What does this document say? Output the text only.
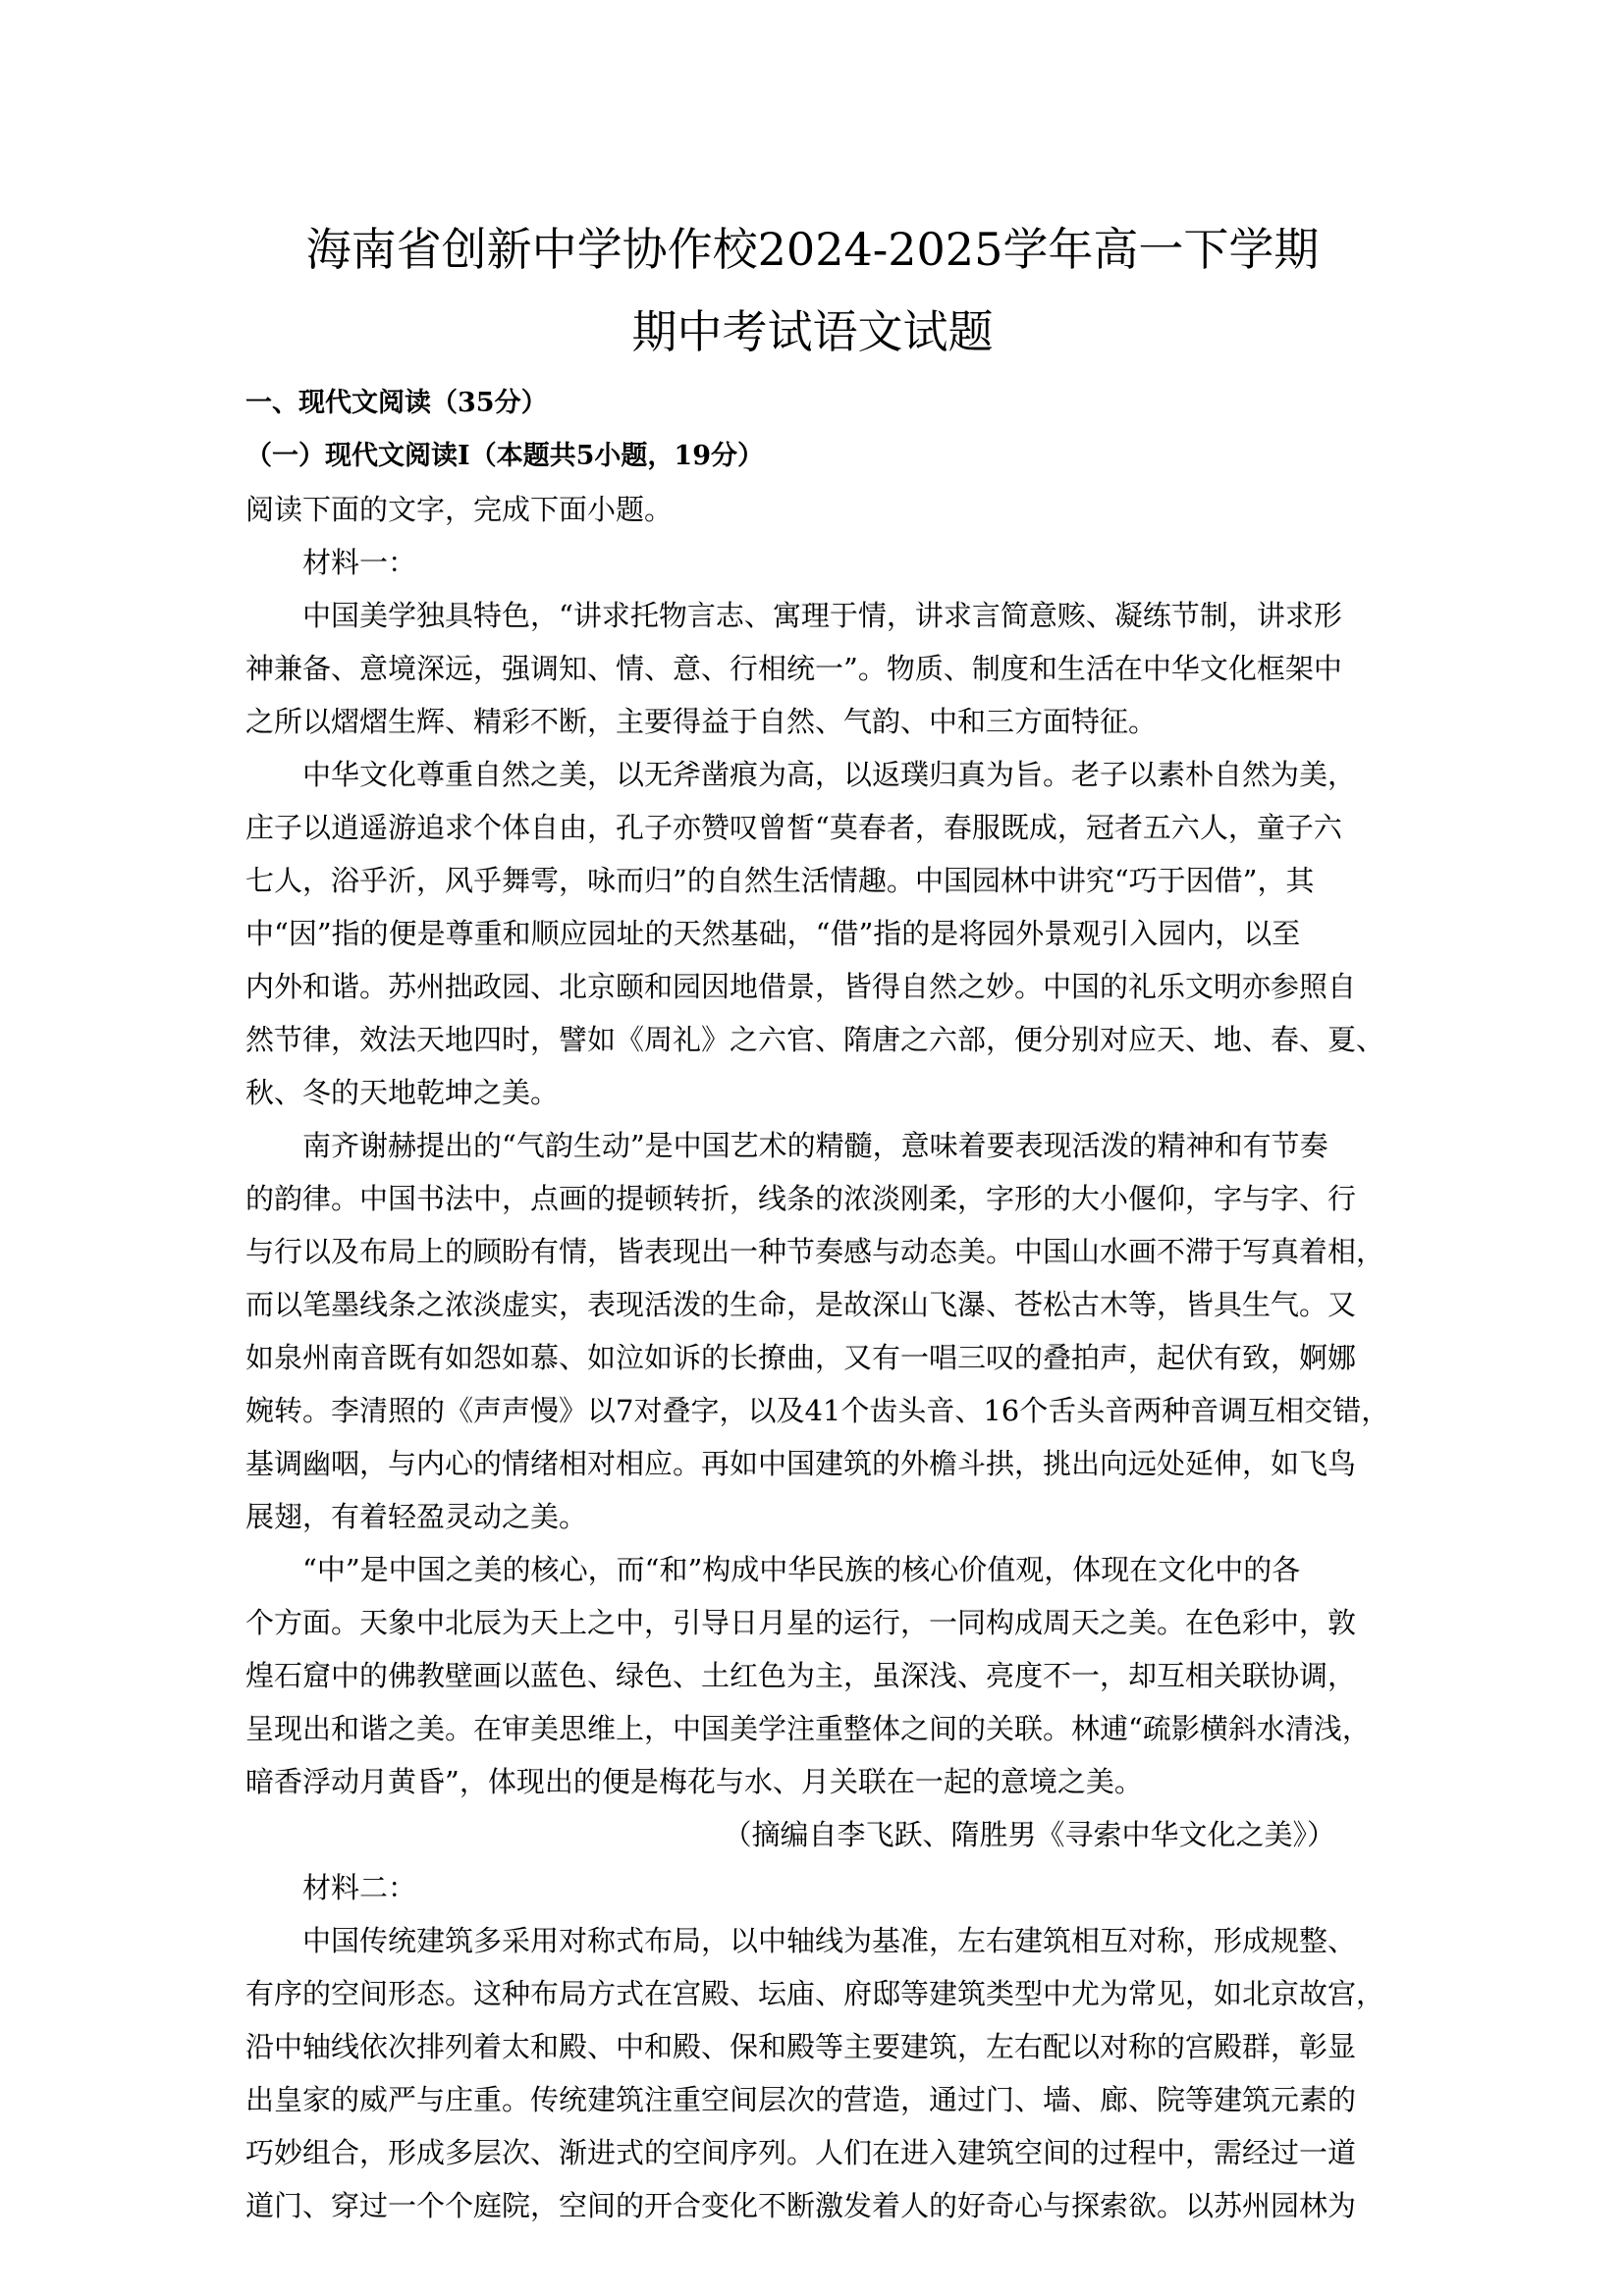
海南省创新中学协作校2024-2025学年高一下学期
期中考试语文试题

一、现代文阅读（35分）

（一）现代文阅读I（本题共5小题，19分）

阅读下面的文字，完成下面小题。

材料一：

中国美学独具特色，“讲求托物言志、寓理于情，讲求言简意赅、凝练节制，讲求形

神兼备、意境深远，强调知、情、意、行相统一”。物质、制度和生活在中华文化框架中

之所以熠熠生辉、精彩不断，主要得益于自然、气韵、中和三方面特征。

中华文化尊重自然之美，以无斧凿痕为高，以返璞归真为旨。老子以素朴自然为美，

庄子以逍遥游追求个体自由，孔子亦赞叹曾皙“莫春者，春服既成，冠者五六人，童子六

七人，浴乎沂，风乎舞雩，咏而归”的自然生活情趣。中国园林中讲究“巧于因借”，其

中“因”指的便是尊重和顺应园址的天然基础，“借”指的是将园外景观引入园内，以至

内外和谐。苏州拙政园、北京颐和园因地借景，皆得自然之妙。中国的礼乐文明亦参照自

然节律，效法天地四时，譬如《周礼》之六官、隋唐之六部，便分别对应天、地、春、夏、

秋、冬的天地乾坤之美。

南齐谢赫提出的“气韵生动”是中国艺术的精髓，意味着要表现活泼的精神和有节奏

的韵律。中国书法中，点画的提顿转折，线条的浓淡刚柔，字形的大小偃仰，字与字、行

与行以及布局上的顾盼有情，皆表现出一种节奏感与动态美。中国山水画不滞于写真着相，

而以笔墨线条之浓淡虚实，表现活泼的生命，是故深山飞瀑、苍松古木等，皆具生气。又

如泉州南音既有如怨如慕、如泣如诉的长撩曲，又有一唱三叹的叠拍声，起伏有致，婀娜

婉转。李清照的《声声慢》以7对叠字，以及41个齿头音、16个舌头音两种音调互相交错，

基调幽咽，与内心的情绪相对相应。再如中国建筑的外檐斗拱，挑出向远处延伸，如飞鸟

展翅，有着轻盈灵动之美。

“中”是中国之美的核心，而“和”构成中华民族的核心价值观，体现在文化中的各

个方面。天象中北辰为天上之中，引导日月星的运行，一同构成周天之美。在色彩中，敦

煌石窟中的佛教壁画以蓝色、绿色、土红色为主，虽深浅、亮度不一，却互相关联协调，

呈现出和谐之美。在审美思维上，中国美学注重整体之间的关联。林逋“疏影横斜水清浅，

暗香浮动月黄昏”，体现出的便是梅花与水、月关联在一起的意境之美。

（摘编自李飞跃、隋胜男《寻索中华文化之美》）

材料二：

中国传统建筑多采用对称式布局，以中轴线为基准，左右建筑相互对称，形成规整、

有序的空间形态。这种布局方式在宫殿、坛庙、府邸等建筑类型中尤为常见，如北京故宫，

沿中轴线依次排列着太和殿、中和殿、保和殿等主要建筑，左右配以对称的宫殿群，彰显

出皇家的威严与庄重。传统建筑注重空间层次的营造，通过门、墙、廊、院等建筑元素的

巧妙组合，形成多层次、渐进式的空间序列。人们在进入建筑空间的过程中，需经过一道

道门、穿过一个个庭院，空间的开合变化不断激发着人的好奇心与探索欲。以苏州园林为
